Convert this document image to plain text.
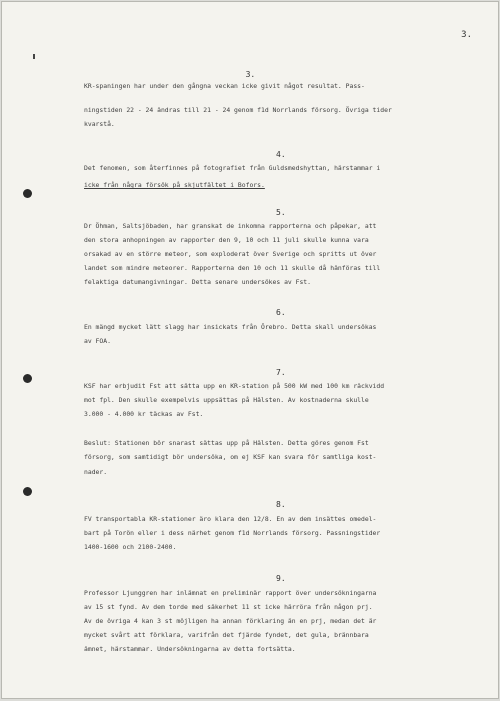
3.
3.
KR-spaningen har under den gångna veckan icke givit något resultat. Pass-
ningstiden 22 - 24 ändras till 21 - 24 genom f1d Norrlands försorg. Övriga tider
kvarstå.
4.
Det fenomen, som återfinnes på fotografiet från Guldsmedshyttan, härstammar i
icke från några försök på skjutfältet i Bofors.
5.
Dr Öhman, Saltsjöbaden, har granskat de inkomna rapporterna och påpekar, att
den stora anhopningen av rapporter den 9, 10 och 11 juli skulle kunna vara
orsakad av en större meteor, som exploderat över Sverige och spritts ut över
landet som mindre meteorer. Rapporterna den 10 och 11 skulle då hänföras till
felaktiga datumangivningar. Detta senare undersökes av Fst.
6.
En mängd mycket lätt slagg har insickats från Örebro. Detta skall undersökas
av FOA.
7.
KSF har erbjudit Fst att sätta upp en KR-station på 500 kW med 100 km räckvidd
mot fpl. Den skulle exempelvis uppsättas på Hälsten. Av kostnaderna skulle
3.000 - 4.000 kr täckas av Fst.
Beslut: Stationen bör snarast sättas upp på Hälsten. Detta göres genom Fst
försorg, som samtidigt bör undersöka, om ej KSF kan svara för samtliga kost-
nader.
8.
FV transportabla KR-stationer äro klara den 12/8. En av dem insättes omedel-
bart på Torön eller i dess närhet genom f1d Norrlands försorg. Passningstider
1400-1600 och 2100-2400.
9.
Professor Ljunggren har inlämnat en preliminär rapport över undersökningarna
av 15 st fynd. Av dem torde med säkerhet 11 st icke härröra från någon prj.
Av de övriga 4 kan 3 st möjligen ha annan förklaring än en prj, medan det är
mycket svårt att förklara, varifrån det fjärde fyndet, det gula, brännbara
ämnet, härstammar. Undersökningarna av detta fortsätta.
